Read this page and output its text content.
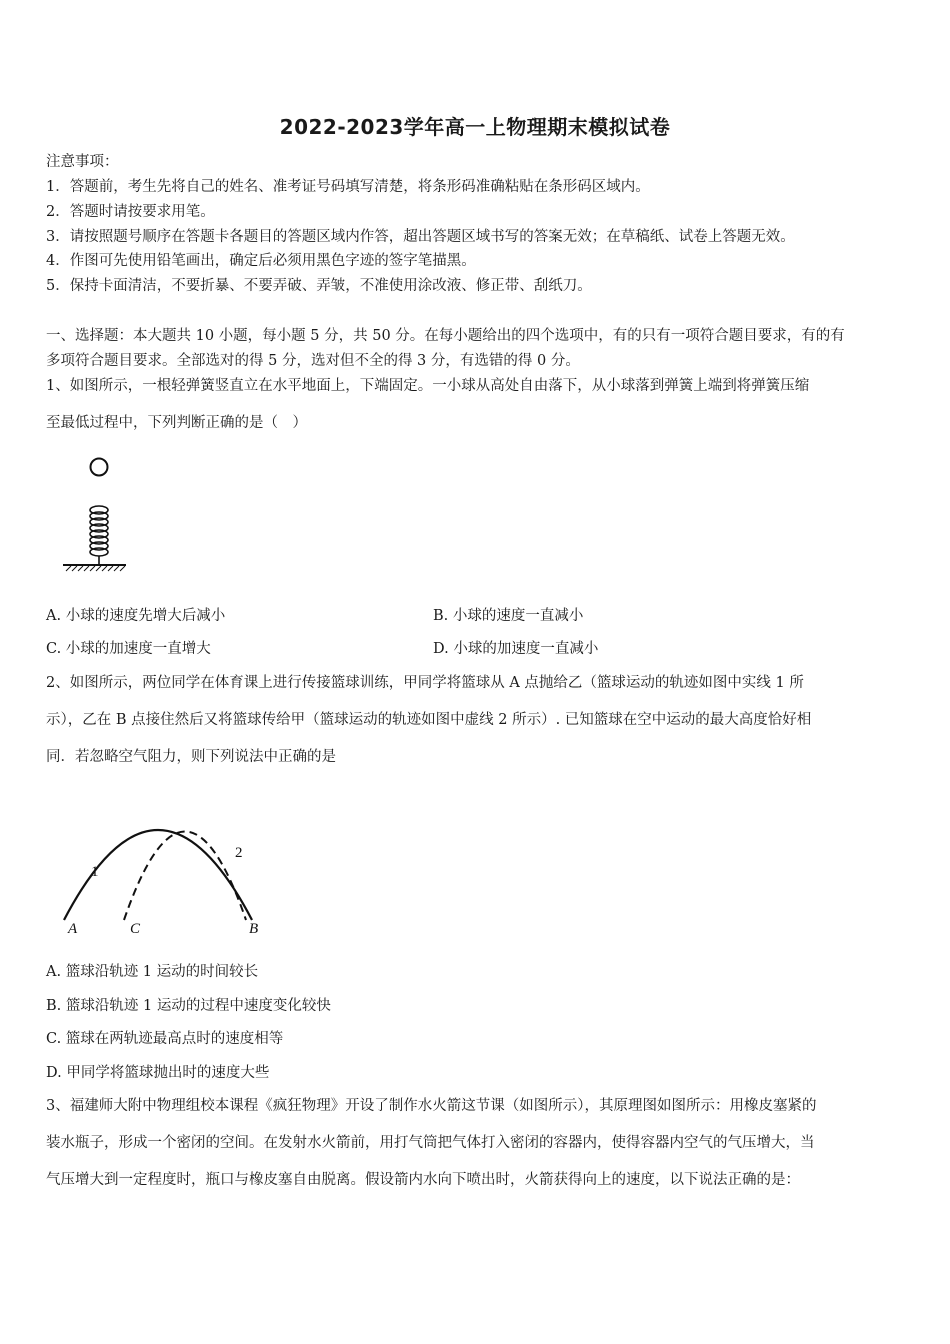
2022-2023学年高一上物理期末模拟试卷
注意事项：
1．答题前，考生先将自己的姓名、准考证号码填写清楚，将条形码准确粘贴在条形码区域内。
2．答题时请按要求用笔。
3．请按照题号顺序在答题卡各题目的答题区域内作答，超出答题区域书写的答案无效；在草稿纸、试卷上答题无效。
4．作图可先使用铅笔画出，确定后必须用黑色字迹的签字笔描黑。
5．保持卡面清洁，不要折暴、不要弄破、弄皱，不准使用涂改液、修正带、刮纸刀。
一、选择题：本大题共 10 小题，每小题 5 分，共 50 分。在每小题给出的四个选项中，有的只有一项符合题目要求，有的有
多项符合题目要求。全部选对的得 5 分，选对但不全的得 3 分，有选错的得 0 分。
1、如图所示，一根轻弹簧竖直立在水平地面上，下端固定。一小球从高处自由落下，从小球落到弹簧上端到将弹簧压缩
至最低过程中，下列判断正确的是（　）
A. 小球的速度先增大后减小	B. 小球的速度一直减小
C. 小球的加速度一直增大	D. 小球的加速度一直减小
2、如图所示，两位同学在体育课上进行传接篮球训练，甲同学将篮球从 A 点抛给乙（篮球运动的轨迹如图中实线 1 所
示），乙在 B 点接住然后又将篮球传给甲（篮球运动的轨迹如图中虚线 2 所示）. 已知篮球在空中运动的最大高度恰好相
同．若忽略空气阻力，则下列说法中正确的是
1
2
A	C	B
A. 篮球沿轨迹 1 运动的时间较长
B. 篮球沿轨迹 1 运动的过程中速度变化较快
C. 篮球在两轨迹最高点时的速度相等
D. 甲同学将篮球抛出时的速度大些
3、福建师大附中物理组校本课程《疯狂物理》开设了制作水火箭这节课（如图所示），其原理图如图所示：用橡皮塞紧的
装水瓶子，形成一个密闭的空间。在发射水火箭前，用打气筒把气体打入密闭的容器内，使得容器内空气的气压增大，当
气压增大到一定程度时，瓶口与橡皮塞自由脱离。假设箭内水向下喷出时，火箭获得向上的速度，以下说法正确的是：
